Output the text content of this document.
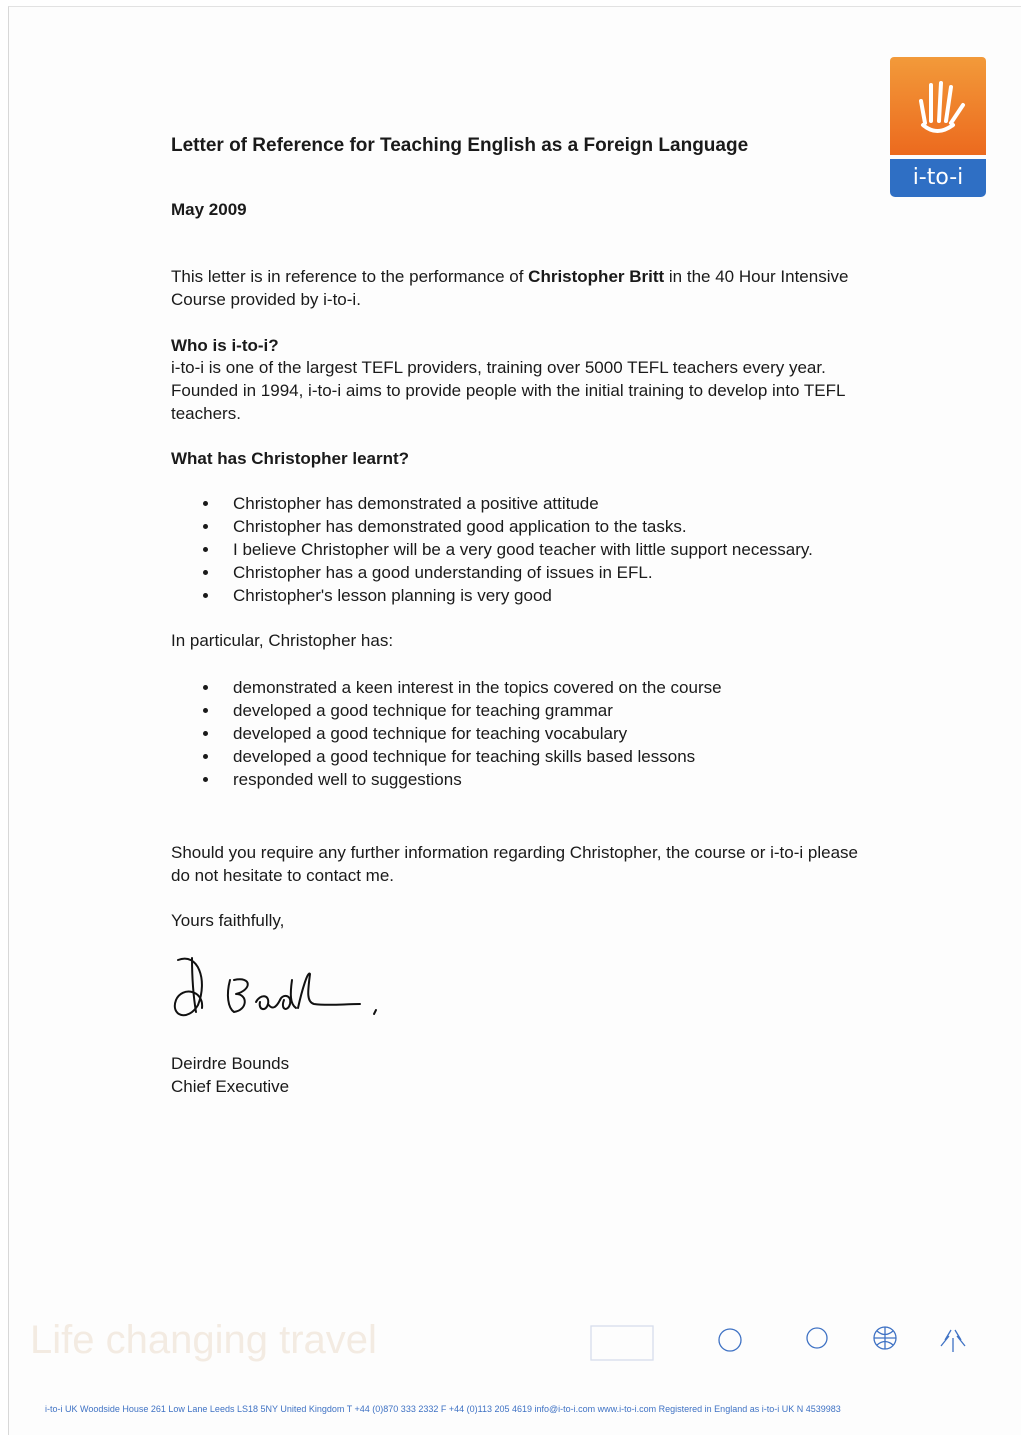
i-to-i
Letter of Reference for Teaching English as a Foreign Language
May 2009
This letter is in reference to the performance of Christopher Britt in the 40 Hour Intensive Course provided by i-to-i.
Who is i-to-i?
i-to-i is one of the largest TEFL providers, training over 5000 TEFL teachers every year. Founded in 1994, i-to-i aims to provide people with the initial training to develop into TEFL teachers.
What has Christopher learnt?
Christopher has demonstrated a positive attitude
Christopher has demonstrated good application to the tasks.
I believe Christopher will be a very good teacher with little support necessary.
Christopher has a good understanding of issues in EFL.
Christopher's lesson planning is very good
In particular, Christopher has:
demonstrated a keen interest in the topics covered on the course
developed a good technique for teaching grammar
developed a good technique for teaching vocabulary
developed a good technique for teaching skills based lessons
responded well to suggestions
Should you require any further information regarding Christopher, the course or i-to-i please do not hesitate to contact me.
Yours faithfully,
Deirdre Bounds
Chief Executive
Life changing travel
i-to-i UK Woodside House 261 Low Lane Leeds LS18 5NY United Kingdom T +44 (0)870 333 2332 F +44 (0)113 205 4619 info@i-to-i.com www.i-to-i.com Registered in England as i-to-i UK N 4539983
